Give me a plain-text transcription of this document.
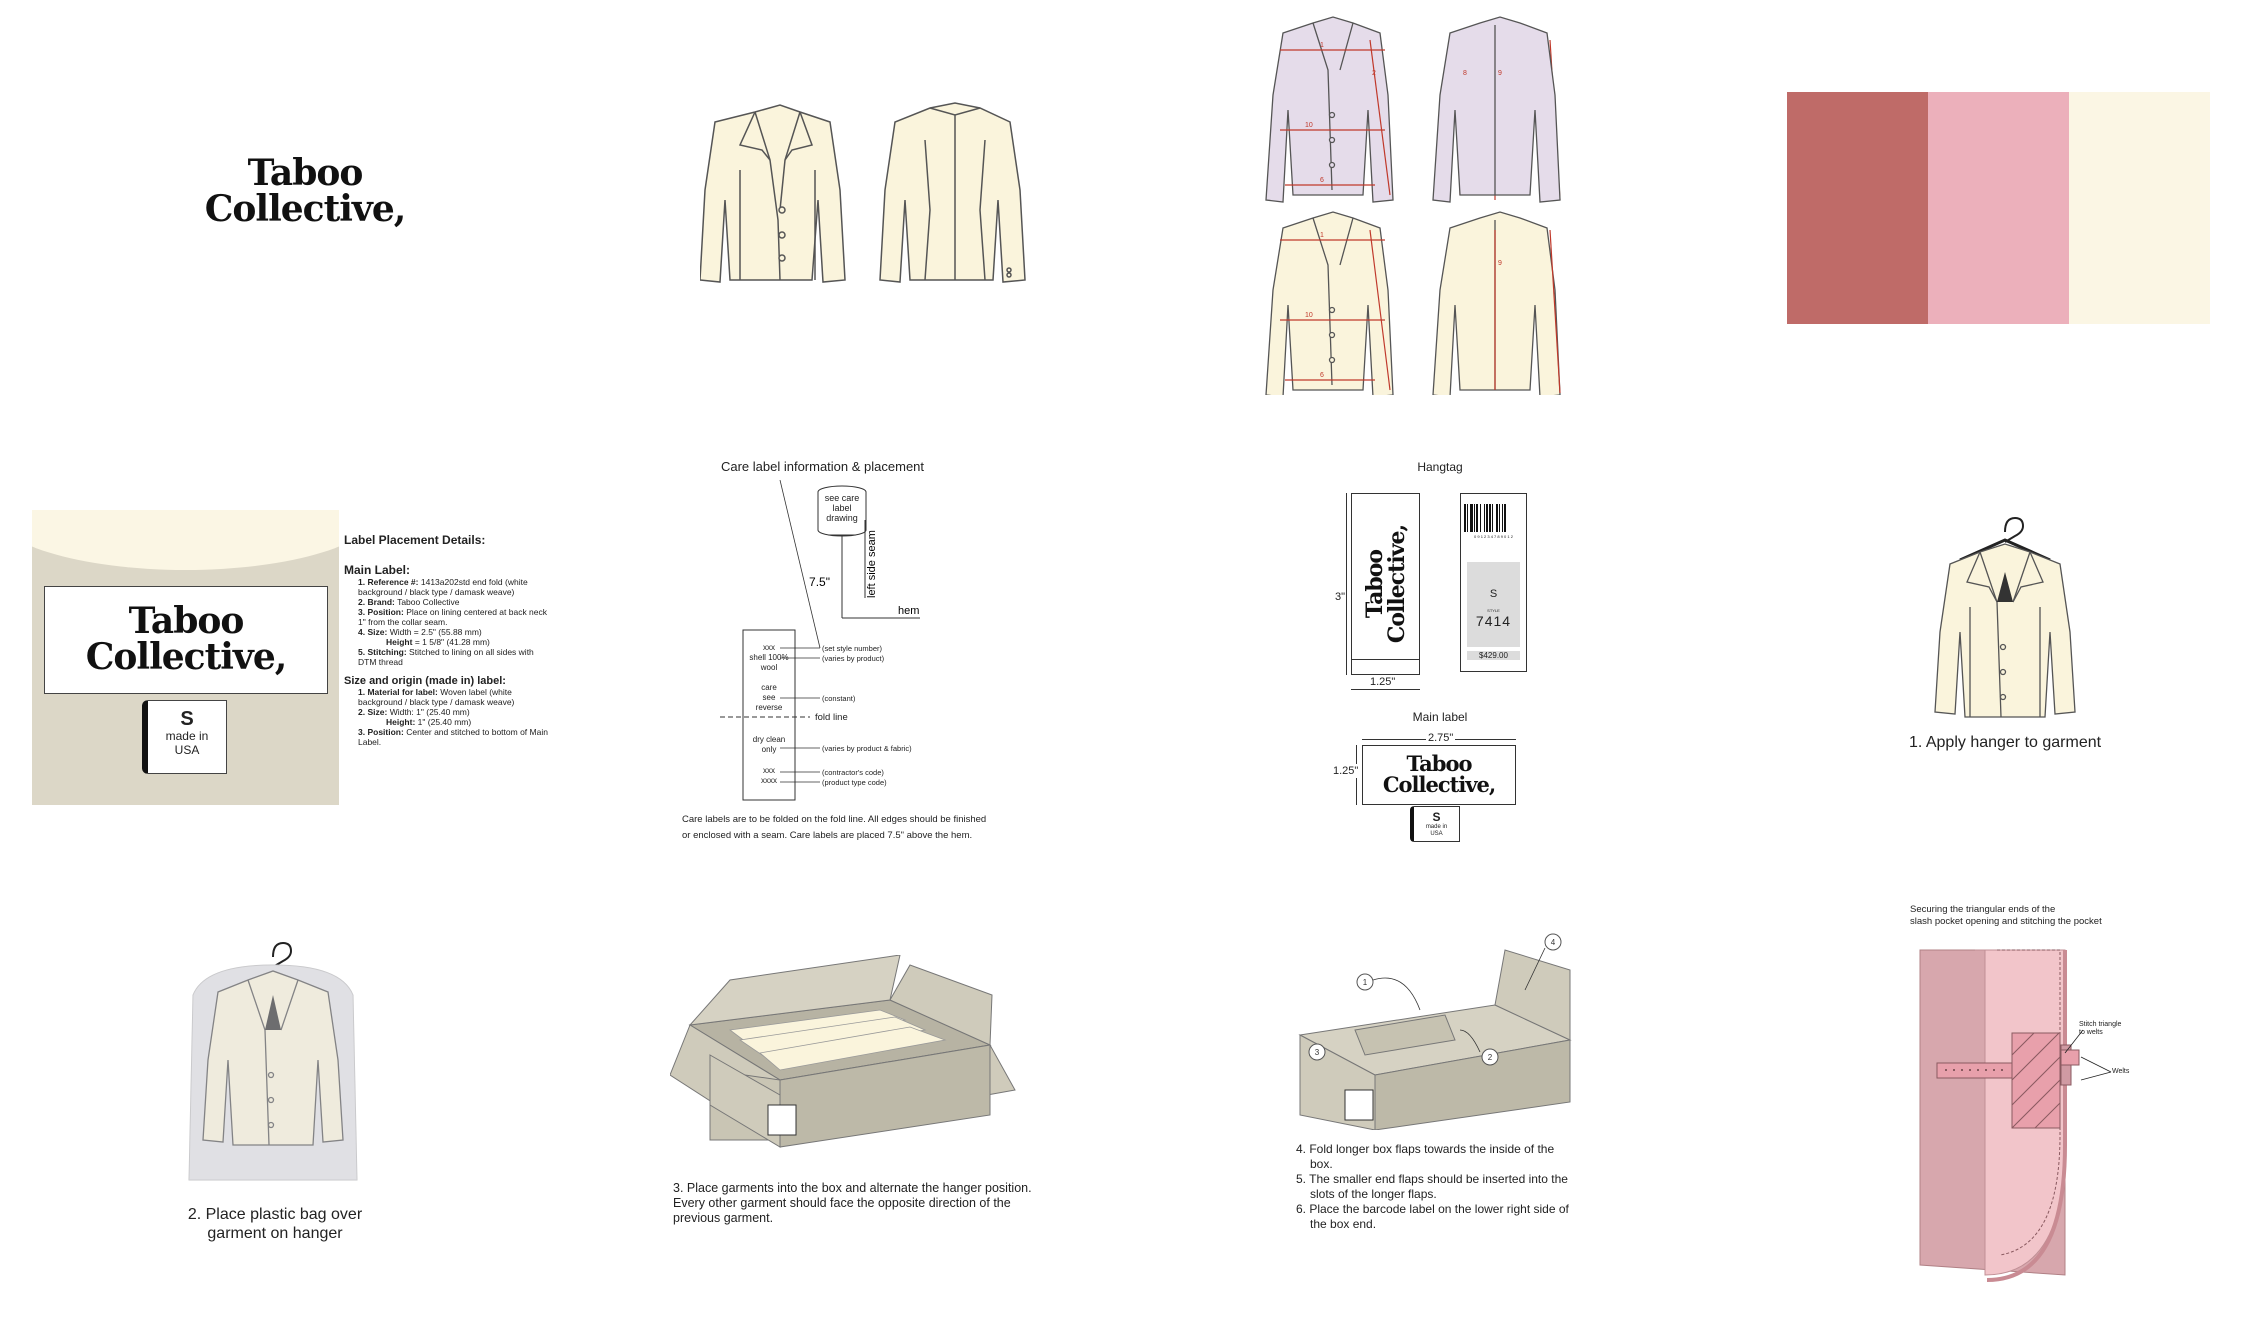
Taboo
Collective,
1
2
10
6
8	9
1
10
6
9
Taboo
Collective,
S
made in
USA
Label Placement Details:
Main Label:
1. Reference #: 1413a202std end fold (white background / black type / damask weave)
2. Brand: Taboo Collective
3. Position: Place on lining centered at back neck 1" from the collar seam.
4. Size: Width = 2.5" (55.88 mm)
Height = 1 5/8" (41.28 mm)
5. Stitching: Stitched to lining on all sides with DTM thread
Size and origin (made in) label:
1. Material for label: Woven label (white background / black type / damask weave)
2. Size: Width: 1" (25.40 mm)
Height: 1" (25.40 mm)
3. Position: Center and stitched to bottom of Main Label.
Care label information & placement
see care
label
drawing
7.5"	left side seam
hem
xxx
shell 100%
wool
care
see
reverse
dry clean
only
xxx
xxxx
(set style number)
(varies by product)
(constant)
fold line
(varies by product & fabric)
(contractor's code)
(product type code)
Care labels are to be folded on the fold line. All edges should be finished
or enclosed with a seam. Care labels are placed 7.5" above the hem.
Hangtag
Taboo
Collective,
3"
1.25"
0 9 1 2 3 4 7 8 9 0 1 2
S
STYLE
7414
$429.00
Main label
2.75"
1.25"	Taboo
Collective,
S
made in
USA
1. Apply hanger to garment
2. Place plastic bag over
garment on hanger
3. Place garments into the box and alternate the hanger position.
Every other garment should face the opposite direction of the
previous garment.
1
3
2
4
4. Fold longer box flaps towards the inside of the
box.
5. The smaller end flaps should be inserted into the
slots of the longer flaps.
6. Place the barcode label on the lower right side of
the box end.
Securing the triangular ends of the
slash pocket opening and stitching the pocket
Stitch triangle
to welts
Welts
